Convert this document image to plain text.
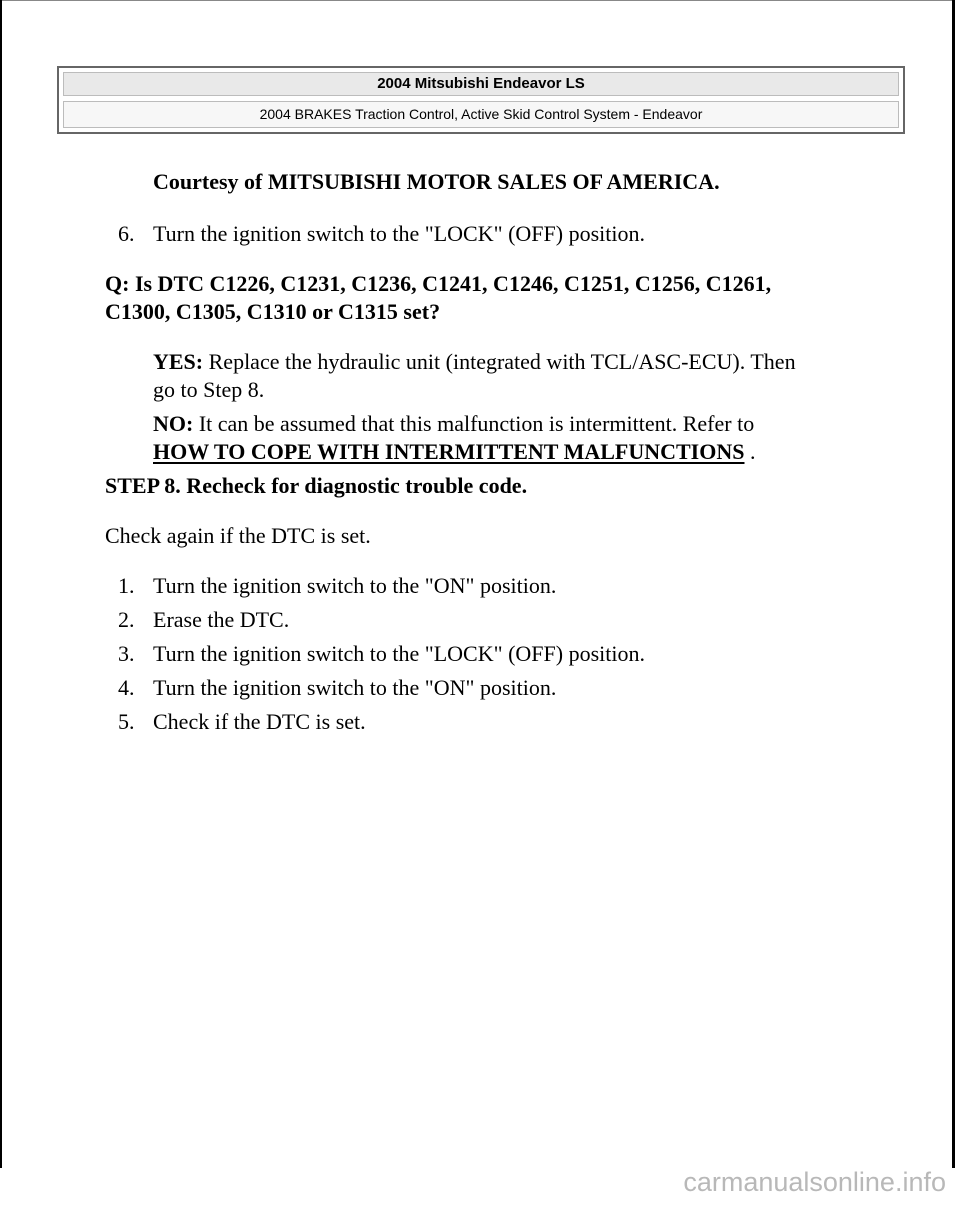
2004 Mitsubishi Endeavor LS
2004 BRAKES Traction Control, Active Skid Control System - Endeavor
Courtesy of MITSUBISHI MOTOR SALES OF AMERICA.
6. Turn the ignition switch to the "LOCK" (OFF) position.
Q: Is DTC C1226, C1231, C1236, C1241, C1246, C1251, C1256, C1261,
C1300, C1305, C1310 or C1315 set?
YES: Replace the hydraulic unit (integrated with TCL/ASC-ECU). Then
go to Step 8.
NO: It can be assumed that this malfunction is intermittent. Refer to
HOW TO COPE WITH INTERMITTENT MALFUNCTIONS .
STEP 8. Recheck for diagnostic trouble code.
Check again if the DTC is set.
1. Turn the ignition switch to the "ON" position.
2. Erase the DTC.
3. Turn the ignition switch to the "LOCK" (OFF) position.
4. Turn the ignition switch to the "ON" position.
5. Check if the DTC is set.
carmanualsonline.info
